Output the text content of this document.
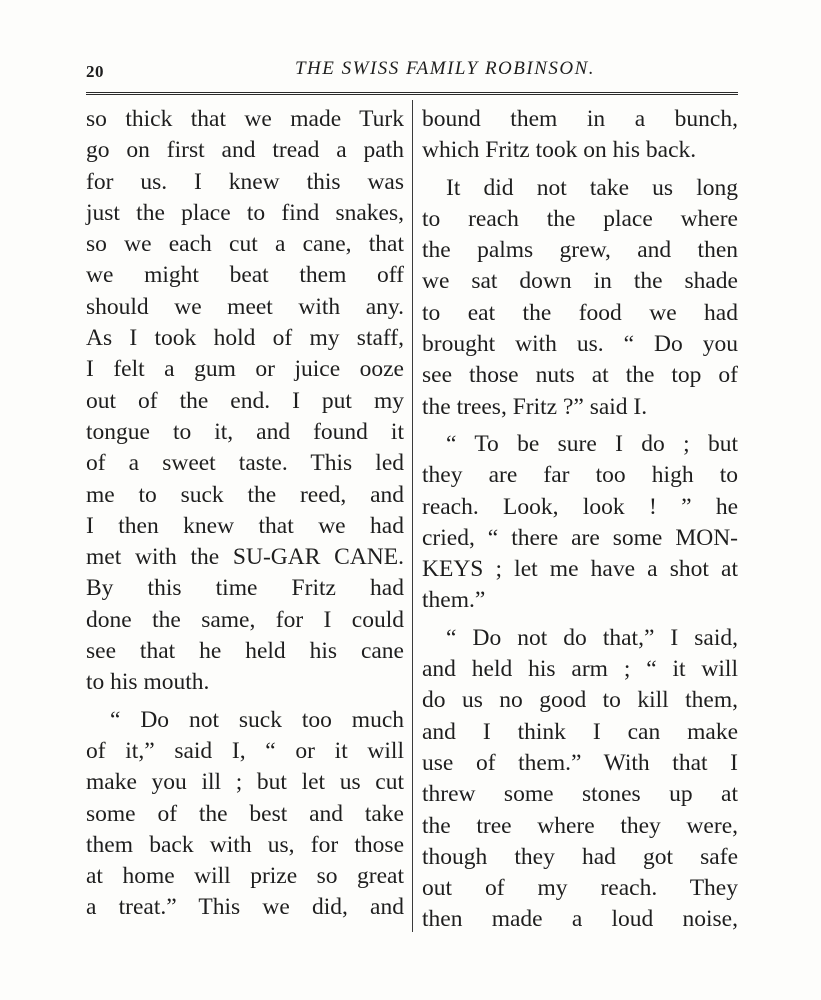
20	THE SWISS FAMILY ROBINSON.
so thick that we made Turk
go on first and tread a path
for us. I knew this was
just the place to find snakes,
so we each cut a cane, that
we might beat them off
should we meet with any.
As I took hold of my staff,
I felt a gum or juice ooze
out of the end. I put my
tongue to it, and found it
of a sweet taste. This led
me to suck the reed, and
I then knew that we had
met with the SU-GAR CANE.
By this time Fritz had
done the same, for I could
see that he held his cane
to his mouth.
“ Do not suck too much
of it,” said I, “ or it will
make you ill ; but let us cut
some of the best and take
them back with us, for those
at home will prize so great
a treat.” This we did, and
bound them in a bunch,
which Fritz took on his back.
It did not take us long
to reach the place where
the palms grew, and then
we sat down in the shade
to eat the food we had
brought with us. “ Do you
see those nuts at the top of
the trees, Fritz ?” said I.
“ To be sure I do ; but
they are far too high to
reach. Look, look ! ” he
cried, “ there are some MON-
KEYS ; let me have a shot at
them.”
“ Do not do that,” I said,
and held his arm ; “ it will
do us no good to kill them,
and I think I can make
use of them.” With that I
threw some stones up at
the tree where they were,
though they had got safe
out of my reach. They
then made a loud noise,
